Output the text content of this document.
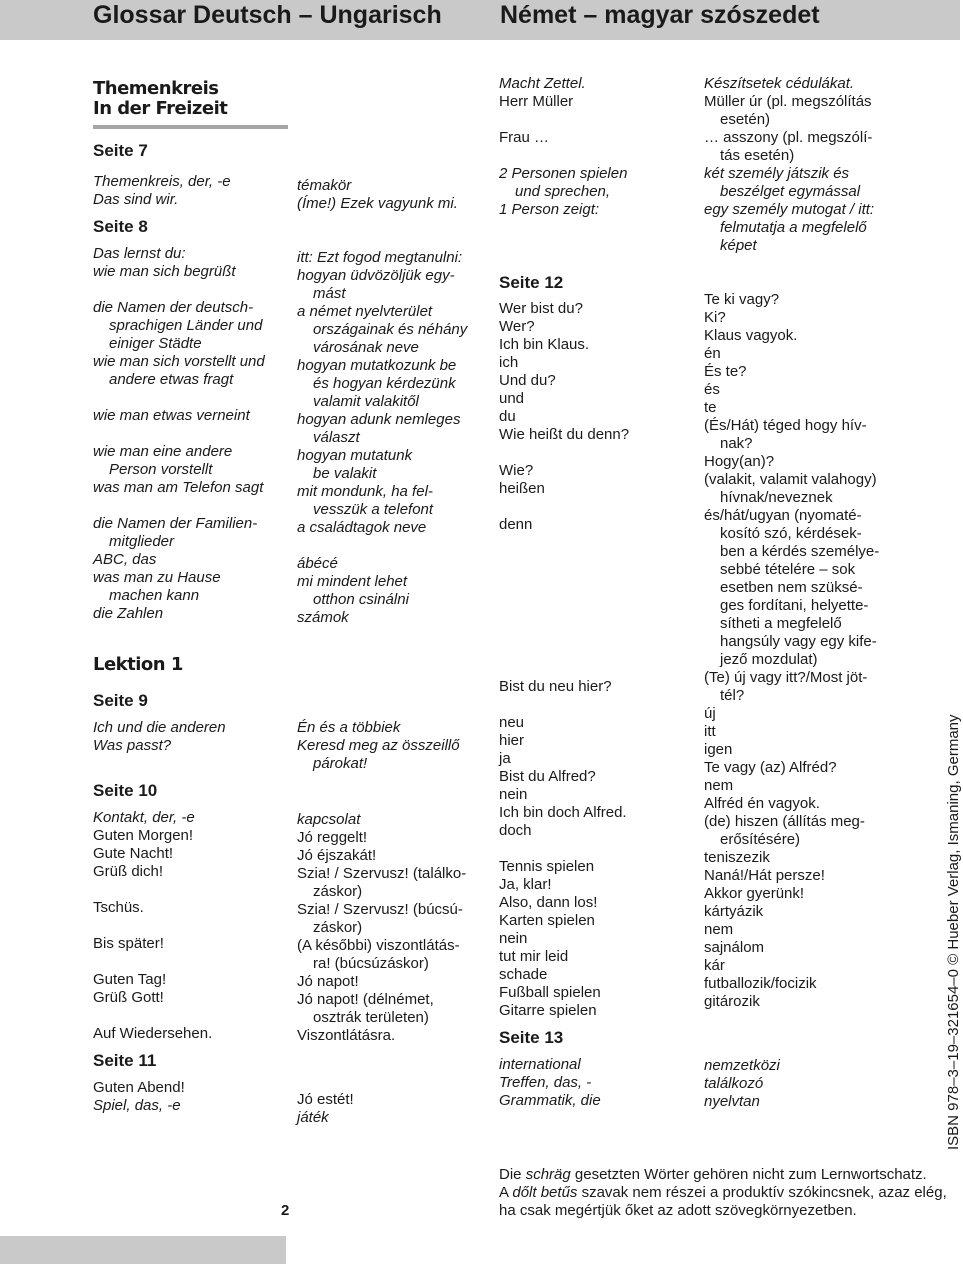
Glossar Deutsch – Ungarisch Német – magyar szószedet
Themenkreis
In der Freizeit
Seite 7
Themenkreis, der, -e
Das sind wir.
Seite 8
Das lernst du:
wie man sich begrüßt
die Namen der deutsch-
sprachigen Länder und
einiger Städte
wie man sich vorstellt und
andere etwas fragt
wie man etwas verneint
wie man eine andere
Person vorstellt
was man am Telefon sagt
die Namen der Familien-
mitglieder
ABC, das
was man zu Hause
machen kann
die Zahlen
Lektion 1
Seite 9
Ich und die anderen
Was passt?
Seite 10
Kontakt, der, -e
Guten Morgen!
Gute Nacht!
Grüß dich!
Tschüs.
Bis später!
Guten Tag!
Grüß Gott!
Auf Wiedersehen.
Seite 11
Guten Abend!
Spiel, das, -e
témakör
(Íme!) Ezek vagyunk mi.
itt: Ezt fogod megtanulni:
hogyan üdvözöljük egy-
mást
a német nyelvterület
országainak és néhány
városának neve
hogyan mutatkozunk be
és hogyan kérdezünk
valamit valakitől
hogyan adunk nemleges
választ
hogyan mutatunk
be valakit
mit mondunk, ha fel-
vesszük a telefont
a családtagok neve
ábécé
mi mindent lehet
otthon csinálni
számok
Én és a többiek
Keresd meg az összeillő
párokat!
kapcsolat
Jó reggelt!
Jó éjszakát!
Szia! / Szervusz! (találko-
záskor)
Szia! / Szervusz! (búcsú-
záskor)
(A későbbi) viszontlátás-
ra! (búcsúzáskor)
Jó napot!
Jó napot! (délnémet,
osztrák területen)
Viszontlátásra.
Jó estét!
játék
Macht Zettel.
Herr Müller
Frau …
2 Personen spielen
und sprechen,
1 Person zeigt:
Seite 12
Wer bist du?
Wer?
Ich bin Klaus.
ich
Und du?
und
du
Wie heißt du denn?
Wie?
heißen
denn
Bist du neu hier?
neu
hier
ja
Bist du Alfred?
nein
Ich bin doch Alfred.
doch
Tennis spielen
Ja, klar!
Also, dann los!
Karten spielen
nein
tut mir leid
schade
Fußball spielen
Gitarre spielen
Seite 13
international
Treffen, das, -
Grammatik, die
Készítsetek cédulákat.
Müller úr (pl. megszólítás
esetén)
… asszony (pl. megszólí-
tás esetén)
két személy játszik és
beszélget egymással
egy személy mutogat / itt:
felmutatja a megfelelő
képet
Te ki vagy?
Ki?
Klaus vagyok.
én
És te?
és
te
(És/Hát) téged hogy hív-
nak?
Hogy(an)?
(valakit, valamit valahogy)
hívnak/neveznek
és/hát/ugyan (nyomaté-
kosító szó, kérdések-
ben a kérdés személye-
sebbé tételére – sok
esetben nem szüksé-
ges fordítani, helyette-
sítheti a megfelelő
hangsúly vagy egy kife-
jező mozdulat)
(Te) új vagy itt?/Most jöt-
tél?
új
itt
igen
Te vagy (az) Alfréd?
nem
Alfréd én vagyok.
(de) hiszen (állítás meg-
erősítésére)
teniszezik
Naná!/Hát persze!
Akkor gyerünk!
kártyázik
nem
sajnálom
kár
futballozik/focizik
gitározik
nemzetközi
találkozó
nyelvtan

Die schräg gesetzten Wörter gehören nicht zum Lernwortschatz.

A dőlt betűs szavak nem részei a produktív szókincsnek, azaz elég, ha csak megértjük őket az adott szövegkörnyezetben.

2
ISBN 978–3–19–321654–0 © Hueber Verlag, Ismaning, Germany
